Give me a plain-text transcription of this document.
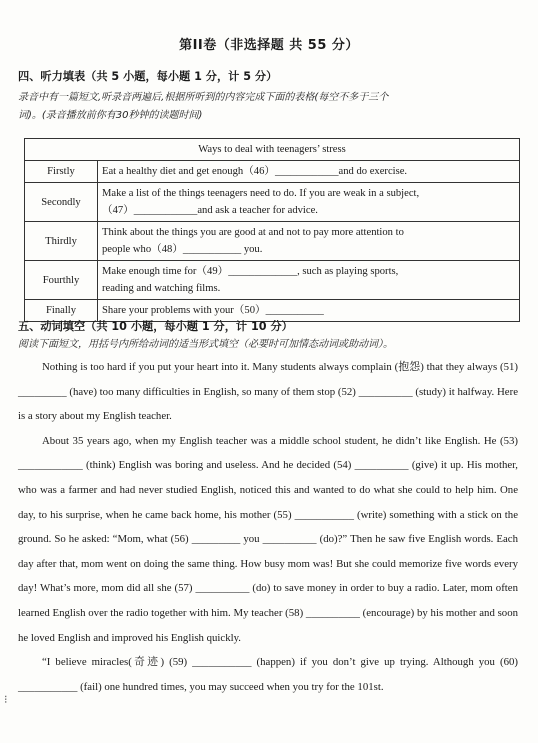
第II卷（非选择题 共 55 分）
四、听力填表（共 5 小题，每小题 1 分，计 5 分）
录音中有一篇短文,听录音两遍后,根据所听到的内容完成下面的表格(每空不多于三个
词)。(录音播放前你有30秒钟的读题时间)
Ways to deal with teenagers’ stress	
Firstly	Eat a healthy diet and get enough（46）____________and do exercise.

Secondly	Make a list of the things teenagers need to do. If you are weak in a subject,
（47）____________and ask a teacher for advice.

Thirdly	Think about the things you are good at and not to pay more attention to
people who（48）___________ you.

Fourthly	Make enough time for（49）_____________, such as playing sports,
reading and watching films.

Finally	Share your problems with your（50）___________
五、动词填空（共 10 小题，每小题 1 分，计 10 分）
阅读下面短文，用括号内所给动词的适当形式填空（必要时可加情态动词或助动词）。

Nothing is too hard if you put your heart into it. Many students always complain (抱怨) that they always (51) _________ (have) too many difficulties in English, so many of them stop (52) __________ (study) it halfway. Here is a story about my English teacher.

About 35 years ago, when my English teacher was a middle school student, he didn’t like English. He (53) ____________ (think) English was boring and useless. And he decided (54) __________ (give) it up. His mother, who was a farmer and had never studied English, noticed this and wanted to do what she could to help him. One day, to his surprise, when he came back home, his mother (55) ___________ (write) something with a stick on the ground. So he asked: “Mom, what (56) _________ you __________ (do)?” Then he saw five English words. Each day after that, mom went on doing the same thing. How busy mom was! But she could memorize five words every day! What’s more, mom did all she (57) __________ (do) to save money in order to buy a radio. Later, mom often learned English over the radio together with him. My teacher (58) __________ (encourage) by his mother and soon he loved English and improved his English quickly.

“I believe miracles(奇迹) (59) ___________ (happen) if you don’t give up trying. Although you (60) ___________ (fail) one hundred times, you may succeed when you try for the 101st.

⁝
